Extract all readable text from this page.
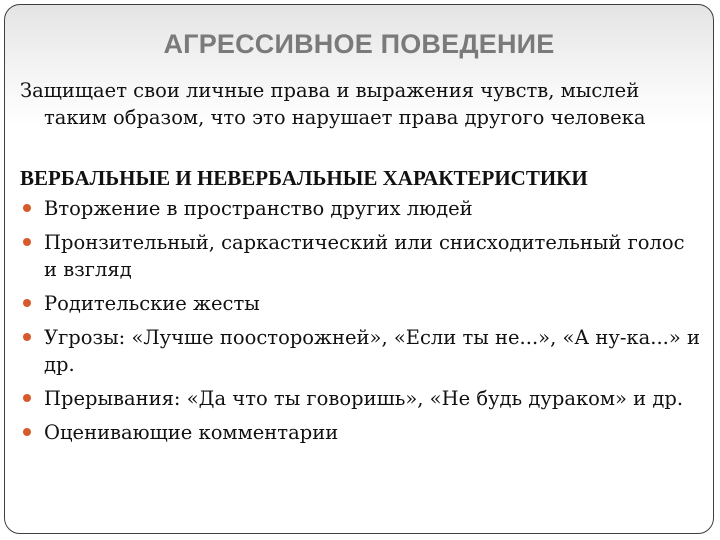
АГРЕССИВНОЕ ПОВЕДЕНИЕ

Защищает свои личные права и выражения чувств, мыслей таким образом, что это нарушает права другого человека

ВЕРБАЛЬНЫЕ И НЕВЕРБАЛЬНЫЕ ХАРАКТЕРИСТИКИ
Вторжение в пространство других людей
Пронзительный, саркастический или снисходительный голос и взгляд
Родительские жесты
Угрозы: «Лучше поосторожней», «Если ты не...», «А ну-ка...» и др.
Прерывания: «Да что ты говоришь», «Не будь дураком» и др.
Оценивающие комментарии
